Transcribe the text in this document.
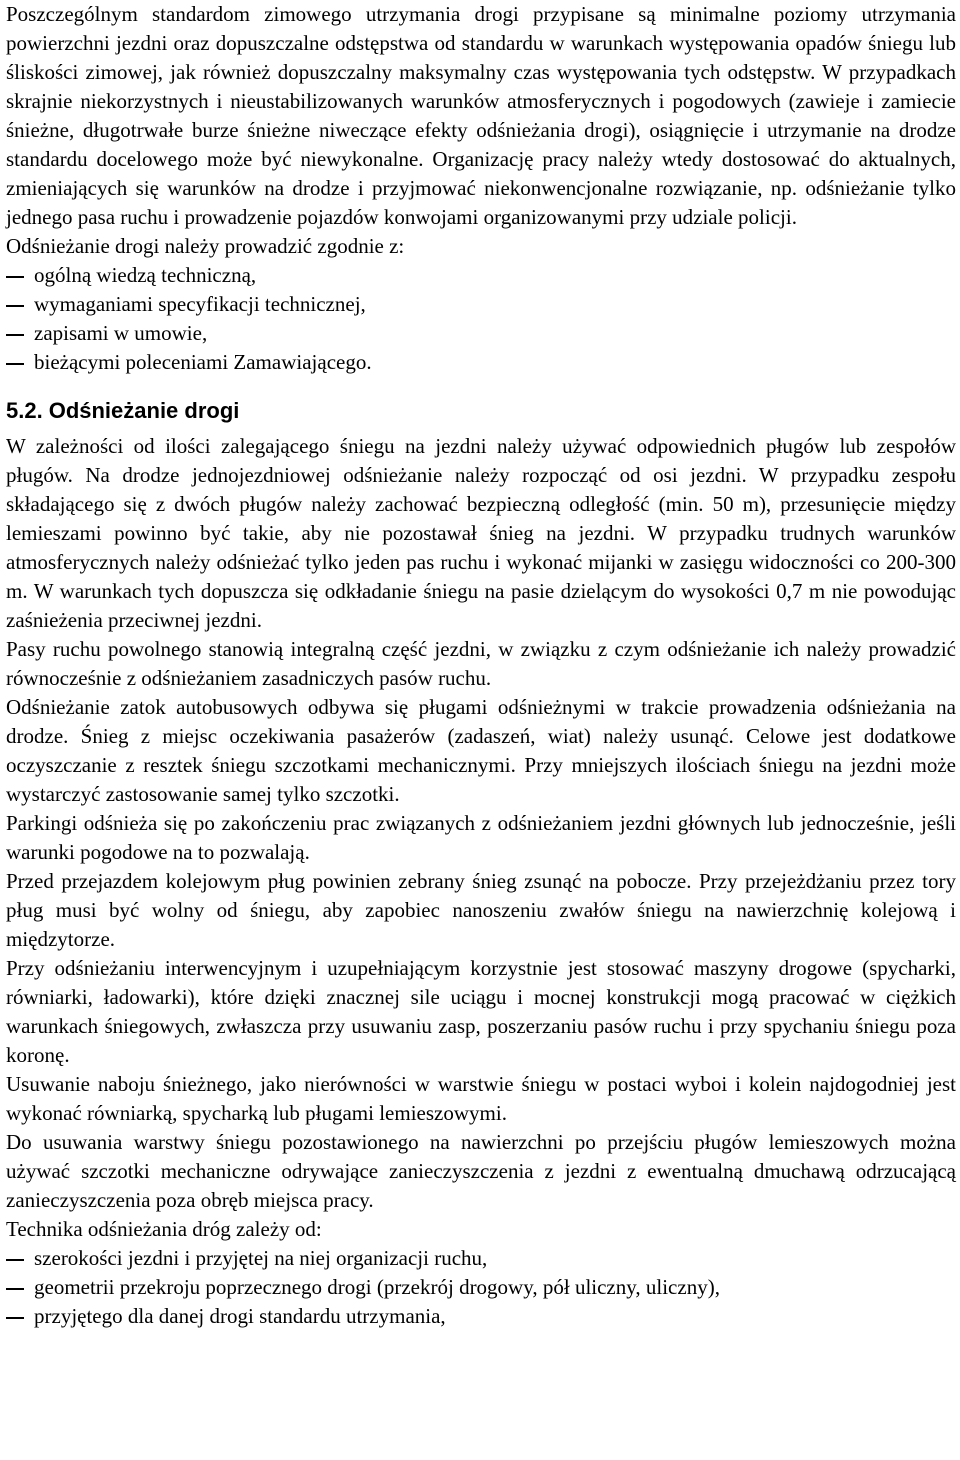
Poszczególnym standardom zimowego utrzymania drogi przypisane są minimalne poziomy utrzymania powierzchni jezdni oraz dopuszczalne odstępstwa od standardu w warunkach występowania opadów śniegu lub śliskości zimowej, jak również dopuszczalny maksymalny czas występowania tych odstępstw. W przypadkach skrajnie niekorzystnych i nieustabilizowanych warunków atmosferycznych i pogodowych (zawieje i zamiecie śnieżne, długotrwałe burze śnieżne niweczące efekty odśnieżania drogi), osiągnięcie i utrzymanie na drodze standardu docelowego może być niewykonalne. Organizację pracy należy wtedy dostosować do aktualnych, zmieniających się warunków na drodze i przyjmować niekonwencjonalne rozwiązanie, np. odśnieżanie tylko jednego pasa ruchu i prowadzenie pojazdów konwojami organizowanymi przy udziale policji.

Odśnieżanie drogi należy prowadzić zgodnie z:

ogólną wiedzą techniczną,
wymaganiami specyfikacji technicznej,
zapisami w umowie,
bieżącymi poleceniami Zamawiającego.
5.2. Odśnieżanie drogi

W zależności od ilości zalegającego śniegu na jezdni należy używać odpowiednich pługów lub zespołów pługów. Na drodze jednojezdniowej odśnieżanie należy rozpocząć od osi jezdni. W przypadku zespołu składającego się z dwóch pługów należy zachować bezpieczną odległość (min. 50 m), przesunięcie między lemieszami powinno być takie, aby nie pozostawał śnieg na jezdni. W przypadku trudnych warunków atmosferycznych należy odśnieżać tylko jeden pas ruchu i wykonać mijanki w zasięgu widoczności co 200-300 m. W warunkach tych dopuszcza się odkładanie śniegu na pasie dzielącym do wysokości 0,7 m nie powodując zaśnieżenia przeciwnej jezdni.

Pasy ruchu powolnego stanowią integralną część jezdni, w związku z czym odśnieżanie ich należy prowadzić równocześnie z odśnieżaniem zasadniczych pasów ruchu.

Odśnieżanie zatok autobusowych odbywa się pługami odśnieżnymi w trakcie prowadzenia odśnieżania na drodze. Śnieg z miejsc oczekiwania pasażerów (zadaszeń, wiat) należy usunąć. Celowe jest dodatkowe oczyszczanie z resztek śniegu szczotkami mechanicznymi. Przy mniejszych ilościach śniegu na jezdni może wystarczyć zastosowanie samej tylko szczotki.

Parkingi odśnieża się po zakończeniu prac związanych z odśnieżaniem jezdni głównych lub jednocześnie, jeśli warunki pogodowe na to pozwalają.

Przed przejazdem kolejowym pług powinien zebrany śnieg zsunąć na pobocze. Przy przejeżdżaniu przez tory pług musi być wolny od śniegu, aby zapobiec nanoszeniu zwałów śniegu na nawierzchnię kolejową i międzytorze.

Przy odśnieżaniu interwencyjnym i uzupełniającym korzystnie jest stosować maszyny drogowe (spycharki, równiarki, ładowarki), które dzięki znacznej sile uciągu i mocnej konstrukcji mogą pracować w ciężkich warunkach śniegowych, zwłaszcza przy usuwaniu zasp, poszerzaniu pasów ruchu i przy spychaniu śniegu poza koronę.

Usuwanie naboju śnieżnego, jako nierówności w warstwie śniegu w postaci wyboi i kolein najdogodniej jest wykonać równiarką, spycharką lub pługami lemieszowymi.

Do usuwania warstwy śniegu pozostawionego na nawierzchni po przejściu pługów lemieszowych można używać szczotki mechaniczne odrywające zanieczyszczenia z jezdni z ewentualną dmuchawą odrzucającą zanieczyszczenia poza obręb miejsca pracy.

Technika odśnieżania dróg zależy od:

szerokości jezdni i przyjętej na niej organizacji ruchu,
geometrii przekroju poprzecznego drogi (przekrój drogowy, pół uliczny, uliczny),
przyjętego dla danej drogi standardu utrzymania,
